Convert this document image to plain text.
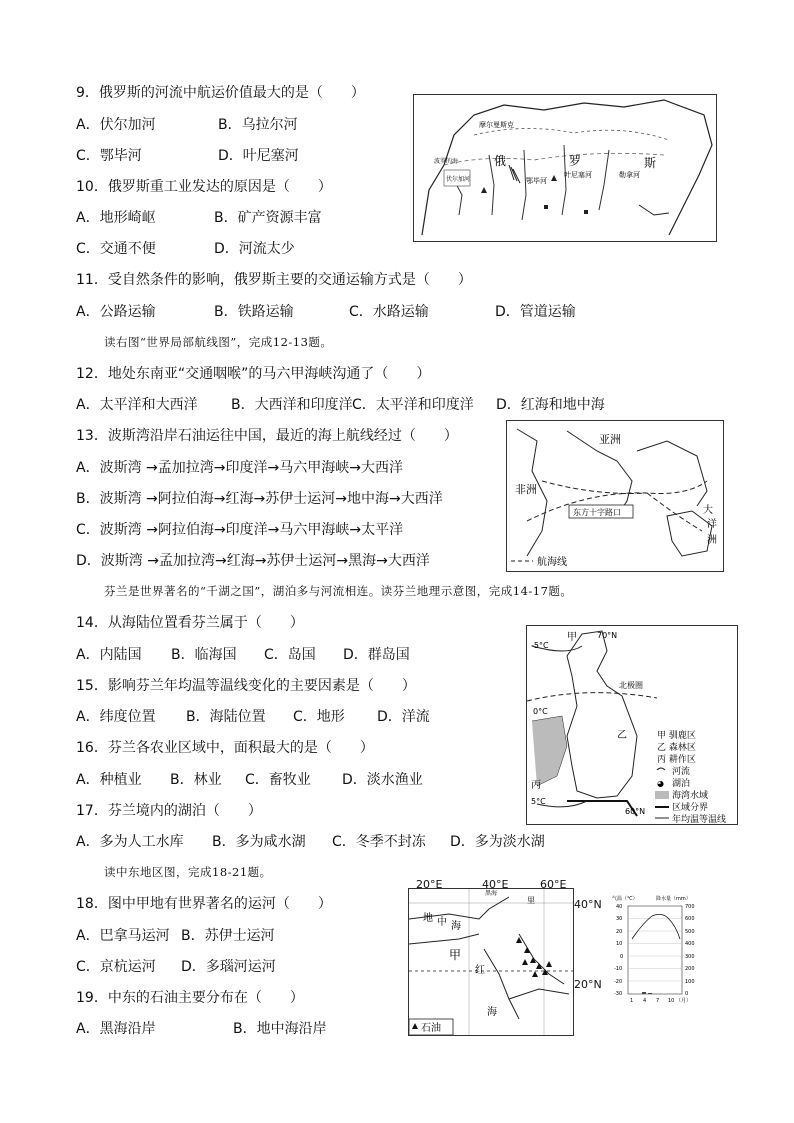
9．俄罗斯的河流中航运价值最大的是（　　）
A．伏尔加河	B．乌拉尔河
C．鄂毕河	D．叶尼塞河
10．俄罗斯重工业发达的原因是（　　）
A．地形崎岖	B．矿产资源丰富
C．交通不便	D．河流太少
11．受自然条件的影响，俄罗斯主要的交通运输方式是（　　）
A．公路运输	B．铁路运输	C．水路运输	D．管道运输
读右图“世界局部航线图”，完成12-13题。
12．地处东南亚“交通咽喉”的马六甲海峡沟通了（　　）
A．太平洋和大西洋 B．大西洋和印度洋 C．太平洋和印度洋 D．红海和地中海
13．波斯湾沿岸石油运往中国，最近的海上航线经过（　　）
A．波斯湾 →孟加拉湾→印度洋→马六甲海峡→大西洋
B．波斯湾 →阿拉伯海→红海→苏伊士运河→地中海→大西洋
C．波斯湾 →阿拉伯海→印度洋→马六甲海峡→太平洋
D．波斯湾 →孟加拉湾→红海→苏伊士运河→黑海→大西洋
芬兰是世界著名的“千湖之国”，湖泊多与河流相连。读芬兰地理示意图，完成14-17题。
14．从海陆位置看芬兰属于（　　）
A．内陆国 B．临海国 C．岛国 D．群岛国
15．影响芬兰年均温等温线变化的主要因素是（　　）
A．纬度位置 B．海陆位置 C．地形 D．洋流
16．芬兰各农业区域中，面积最大的是（　　）
A．种植业 B．林业 C．畜牧业 D．淡水渔业
17．芬兰境内的湖泊（　　）
A．多为人工水库 B．多为咸水湖 C．冬季不封冻 D．多为淡水湖
读中东地区图，完成18-21题。
18．图中甲地有世界著名的运河（　　）
A．巴拿马运河 B．苏伊士运河
C．京杭运河 D．多瑙河运河
19．中东的石油主要分布在（　　）
A．黑海沿岸	B．地中海沿岸
摩尔曼斯克
波罗的海
伏尔加河
俄	罗	斯
鄂毕河
叶尼塞河	勒拿河
亚洲
非洲
大
洋
洲
东方十字路口
航海线
甲	70°N
-5°C
北极圈
0°C
乙
丙
5°C
60°N
甲 驯鹿区
乙 森林区
丙 耕作区
河流
◕ 湖泊
海湾水域
区域分界
年均温等温线
黑海
地 中 海
甲
红
海
里
石油
20°E	40°E	60°E
40°N
20°N
气温（℃）	降水量（mm）
40
30
20
10
0
-10
-20
-30
700
600
500
400
300
200
100
0
1 4 7 10 （月）
